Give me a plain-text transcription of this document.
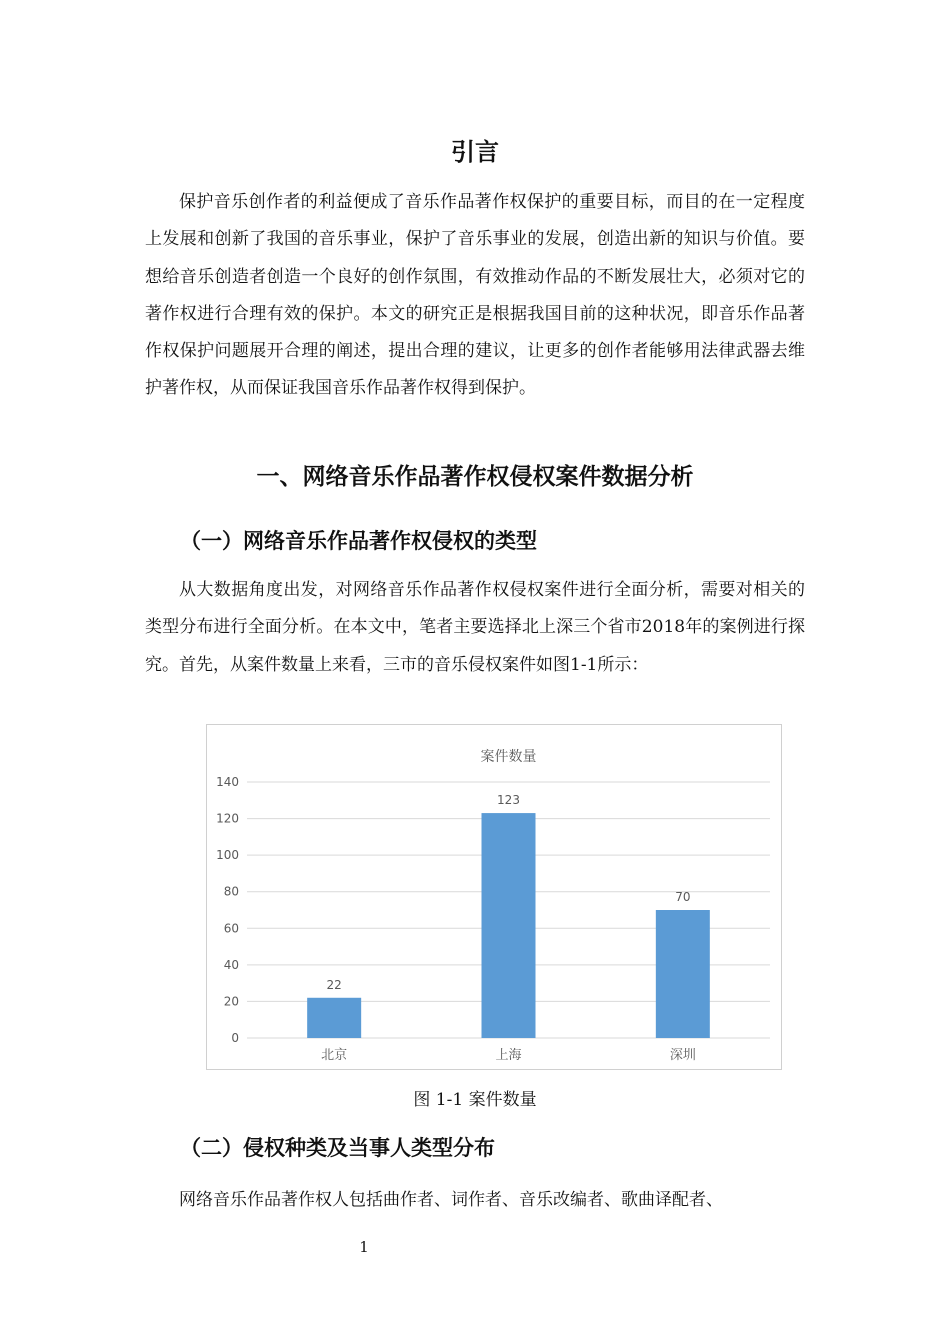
引言

保护音乐创作者的利益便成了音乐作品著作权保护的重要目标，而目的在一定程度上发展和创新了我国的音乐事业，保护了音乐事业的发展，创造出新的知识与价值。要想给音乐创造者创造一个良好的创作氛围，有效推动作品的不断发展壮大，必须对它的著作权进行合理有效的保护。本文的研究正是根据我国目前的这种状况，即音乐作品著作权保护问题展开合理的阐述，提出合理的建议，让更多的创作者能够用法律武器去维护著作权，从而保证我国音乐作品著作权得到保护。

一、网络音乐作品著作权侵权案件数据分析
（一）网络音乐作品著作权侵权的类型

从大数据角度出发，对网络音乐作品著作权侵权案件进行全面分析，需要对相关的类型分布进行全面分析。在本文中，笔者主要选择北上深三个省市2018年的案例进行探究。首先，从案件数量上来看，三市的音乐侵权案件如图1-1所示：

案件数量
0
20
40
60
80
100
120
140
22
北京
123
上海
70
深圳

图 1-1 案件数量

（二）侵权种类及当事人类型分布

网络音乐作品著作权人包括曲作者、词作者、音乐改编者、歌曲译配者、

1
